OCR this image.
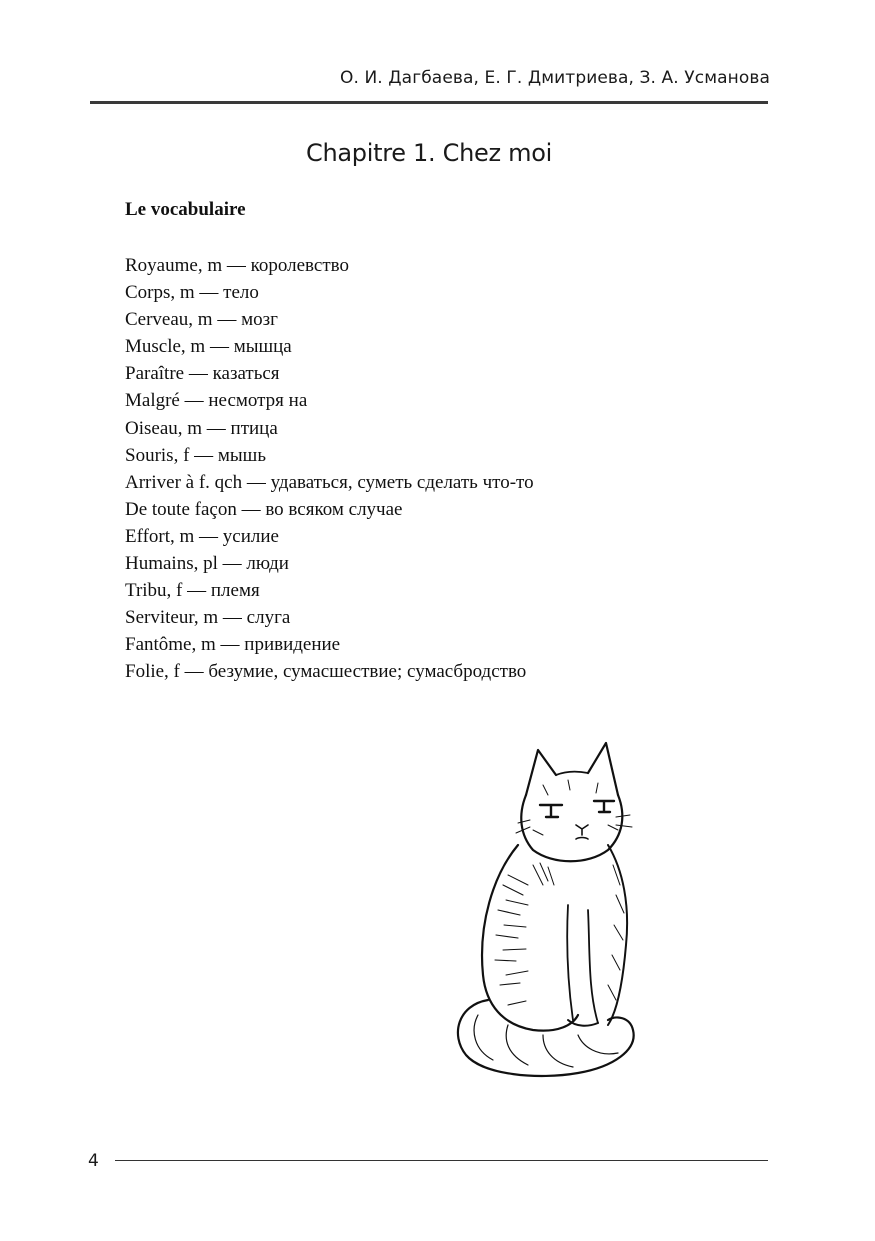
О. И. Дагбаева, Е. Г. Дмитриева, З. А. Усманова
Chapitre 1. Chez moi
Le vocabulaire
Royaume, m — королевство
Corps, m — тело
Cerveau, m — мозг
Muscle, m — мышца
Paraître — казаться
Malgré — несмотря на
Oiseau, m — птица
Souris, f — мышь
Arriver à f. qch — удаваться, суметь сделать что-то
De toute façon — во всяком случае
Effort, m — усилие
Humains, pl — люди
Tribu, f — племя
Serviteur, m — слуга
Fantôme, m — привидение
Folie, f — безумие, сумасшествие; сумасбродство
4
